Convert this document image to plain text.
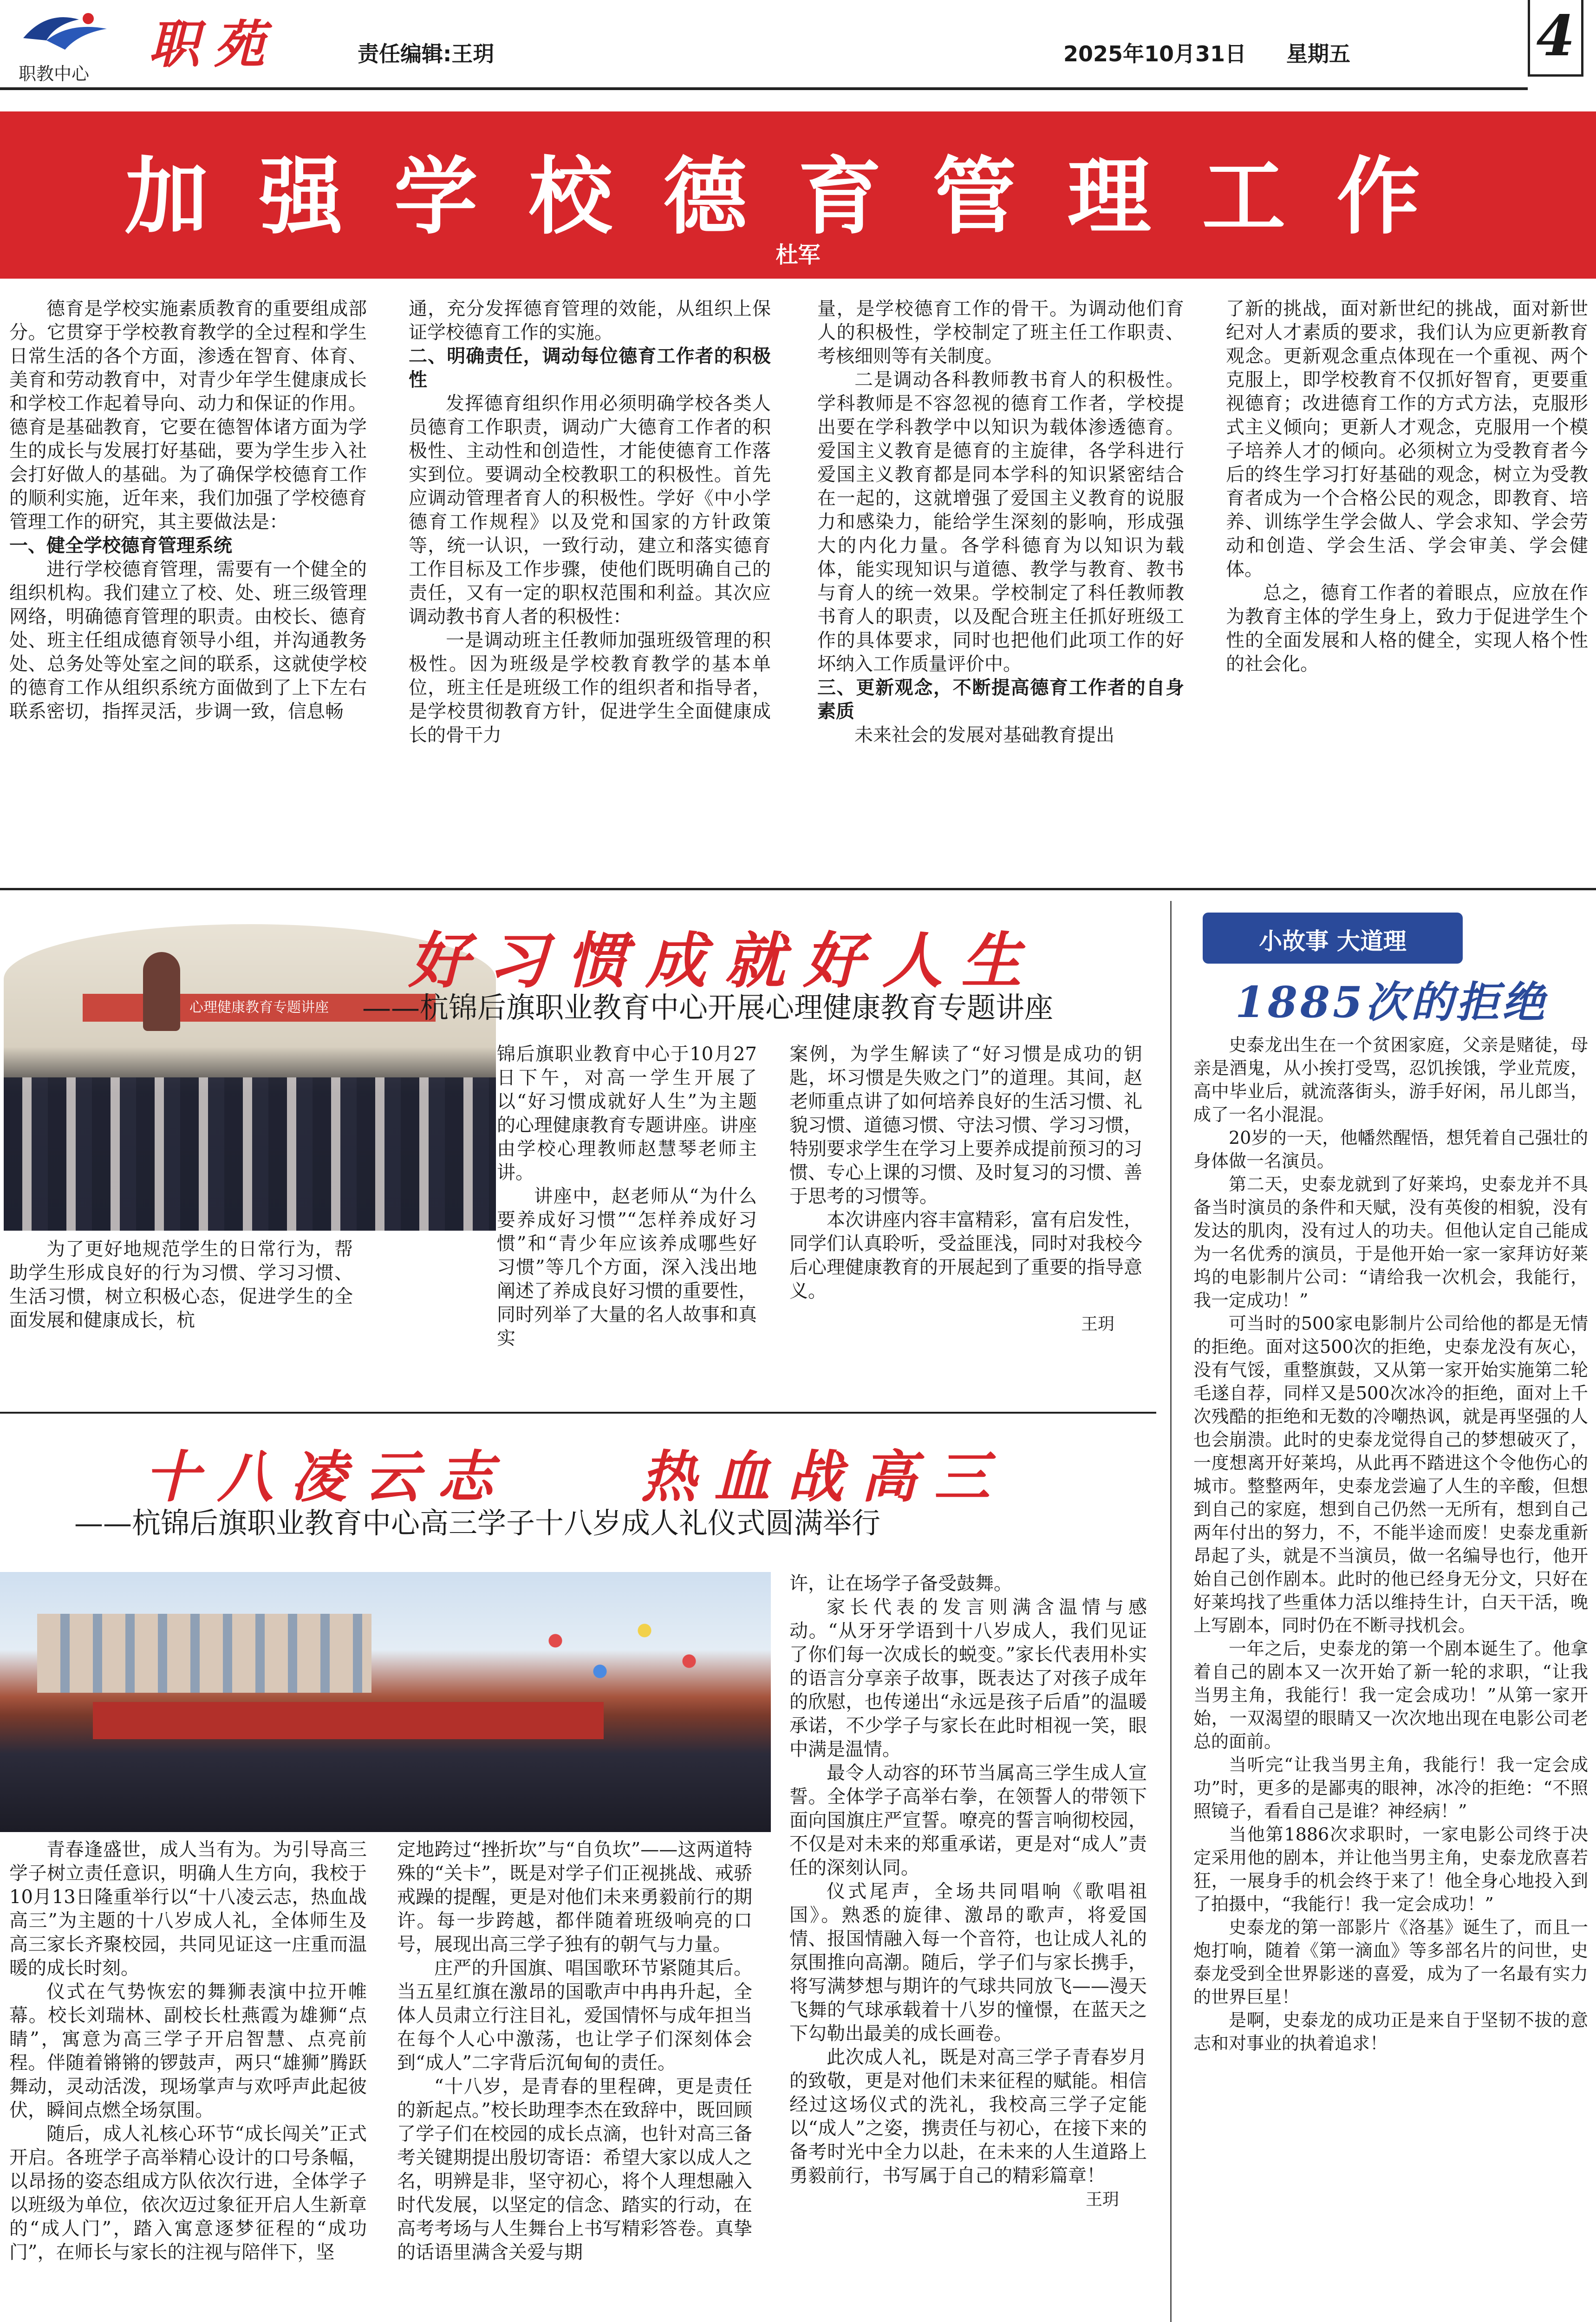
职教中心 职苑	责任编辑:王玥	2025年10月31日 星期五	4
加强学校德育管理工作
杜军

德育是学校实施素质教育的重要组成部分。它贯穿于学校教育教学的全过程和学生日常生活的各个方面，渗透在智育、体育、美育和劳动教育中，对青少年学生健康成长和学校工作起着导向、动力和保证的作用。德育是基础教育，它要在德智体诸方面为学生的成长与发展打好基础，要为学生步入社会打好做人的基础。为了确保学校德育工作的顺利实施，近年来，我们加强了学校德育管理工作的研究，其主要做法是：

一、健全学校德育管理系统

进行学校德育管理，需要有一个健全的组织机构。我们建立了校、处、班三级管理网络，明确德育管理的职责。由校长、德育处、班主任组成德育领导小组，并沟通教务处、总务处等处室之间的联系，这就使学校的德育工作从组织系统方面做到了上下左右联系密切，指挥灵活，步调一致，信息畅

通，充分发挥德育管理的效能，从组织上保证学校德育工作的实施。

二、明确责任，调动每位德育工作者的积极性

发挥德育组织作用必须明确学校各类人员德育工作职责，调动广大德育工作者的积极性、主动性和创造性，才能使德育工作落实到位。要调动全校教职工的积极性。首先应调动管理者育人的积极性。学好《中小学德育工作规程》以及党和国家的方针政策等，统一认识，一致行动，建立和落实德育工作目标及工作步骤，使他们既明确自己的责任，又有一定的职权范围和利益。其次应调动教书育人者的积极性：

一是调动班主任教师加强班级管理的积极性。因为班级是学校教育教学的基本单位，班主任是班级工作的组织者和指导者，是学校贯彻教育方针，促进学生全面健康成长的骨干力

量，是学校德育工作的骨干。为调动他们育人的积极性，学校制定了班主任工作职责、考核细则等有关制度。

二是调动各科教师教书育人的积极性。学科教师是不容忽视的德育工作者，学校提出要在学科教学中以知识为载体渗透德育。爱国主义教育是德育的主旋律，各学科进行爱国主义教育都是同本学科的知识紧密结合在一起的，这就增强了爱国主义教育的说服力和感染力，能给学生深刻的影响，形成强大的内化力量。各学科德育为以知识为载体，能实现知识与道德、教学与教育、教书与育人的统一效果。学校制定了科任教师教书育人的职责，以及配合班主任抓好班级工作的具体要求，同时也把他们此项工作的好坏纳入工作质量评价中。

三、更新观念，不断提高德育工作者的自身素质

未来社会的发展对基础教育提出

了新的挑战，面对新世纪的挑战，面对新世纪对人才素质的要求，我们认为应更新教育观念。更新观念重点体现在一个重视、两个克服上，即学校教育不仅抓好智育，更要重视德育；改进德育工作的方式方法，克服形式主义倾向；更新人才观念，克服用一个模子培养人才的倾向。必须树立为受教育者今后的终生学习打好基础的观念，树立为受教育者成为一个合格公民的观念，即教育、培养、训练学生学会做人、学会求知、学会劳动和创造、学会生活、学会审美、学会健体。

总之，德育工作者的着眼点，应放在作为教育主体的学生身上，致力于促进学生个性的全面发展和人格的健全，实现人格个性的社会化。

心理健康教育专题讲座
好习惯成就好人生
——杭锦后旗职业教育中心开展心理健康教育专题讲座

为了更好地规范学生的日常行为，帮助学生形成良好的行为习惯、学习习惯、生活习惯，树立积极心态，促进学生的全面发展和健康成长，杭

锦后旗职业教育中心于10月27日下午，对高一学生开展了以“好习惯成就好人生”为主题的心理健康教育专题讲座。讲座由学校心理教师赵慧琴老师主讲。

讲座中，赵老师从“为什么要养成好习惯”“怎样养成好习惯”和“青少年应该养成哪些好习惯”等几个方面，深入浅出地阐述了养成良好习惯的重要性，同时列举了大量的名人故事和真实

案例，为学生解读了“好习惯是成功的钥匙，坏习惯是失败之门”的道理。其间，赵老师重点讲了如何培养良好的生活习惯、礼貌习惯、道德习惯、守法习惯、学习习惯，特别要求学生在学习上要养成提前预习的习惯、专心上课的习惯、及时复习的习惯、善于思考的习惯等。

本次讲座内容丰富精彩，富有启发性，同学们认真聆听，受益匪浅，同时对我校今后心理健康教育的开展起到了重要的指导意义。

王玥

十八凌云志 热血战高三
——杭锦后旗职业教育中心高三学子十八岁成人礼仪式圆满举行

青春逢盛世，成人当有为。为引导高三学子树立责任意识，明确人生方向，我校于10月13日隆重举行以“十八凌云志，热血战高三”为主题的十八岁成人礼，全体师生及高三家长齐聚校园，共同见证这一庄重而温暖的成长时刻。

仪式在气势恢宏的舞狮表演中拉开帷幕。校长刘瑞林、副校长杜燕霞为雄狮“点睛”，寓意为高三学子开启智慧、点亮前程。伴随着锵锵的锣鼓声，两只“雄狮”腾跃舞动，灵动活泼，现场掌声与欢呼声此起彼伏，瞬间点燃全场氛围。

随后，成人礼核心环节“成长闯关”正式开启。各班学子高举精心设计的口号条幅，以昂扬的姿态组成方队依次行进，全体学子以班级为单位，依次迈过象征开启人生新章的“成人门”，踏入寓意逐梦征程的“成功门”，在师长与家长的注视与陪伴下，坚

定地跨过“挫折坎”与“自负坎”——这两道特殊的“关卡”，既是对学子们正视挑战、戒骄戒躁的提醒，更是对他们未来勇毅前行的期许。每一步跨越，都伴随着班级响亮的口号，展现出高三学子独有的朝气与力量。

庄严的升国旗、唱国歌环节紧随其后。当五星红旗在激昂的国歌声中冉冉升起，全体人员肃立行注目礼，爱国情怀与成年担当在每个人心中激荡，也让学子们深刻体会到“成人”二字背后沉甸甸的责任。

“十八岁，是青春的里程碑，更是责任的新起点。”校长助理李杰在致辞中，既回顾了学子们在校园的成长点滴，也针对高三备考关键期提出殷切寄语：希望大家以成人之名，明辨是非，坚守初心，将个人理想融入时代发展，以坚定的信念、踏实的行动，在高考考场与人生舞台上书写精彩答卷。真挚的话语里满含关爱与期

许，让在场学子备受鼓舞。

家长代表的发言则满含温情与感动。“从牙牙学语到十八岁成人，我们见证了你们每一次成长的蜕变。”家长代表用朴实的语言分享亲子故事，既表达了对孩子成年的欣慰，也传递出“永远是孩子后盾”的温暖承诺，不少学子与家长在此时相视一笑，眼中满是温情。

最令人动容的环节当属高三学生成人宣誓。全体学子高举右拳，在领誓人的带领下面向国旗庄严宣誓。嘹亮的誓言响彻校园，不仅是对未来的郑重承诺，更是对“成人”责任的深刻认同。

仪式尾声，全场共同唱响《歌唱祖国》。熟悉的旋律、激昂的歌声，将爱国情、报国情融入每一个音符，也让成人礼的氛围推向高潮。随后，学子们与家长携手，将写满梦想与期许的气球共同放飞——漫天飞舞的气球承载着十八岁的憧憬，在蓝天之下勾勒出最美的成长画卷。

此次成人礼，既是对高三学子青春岁月的致敬，更是对他们未来征程的赋能。相信经过这场仪式的洗礼，我校高三学子定能以“成人”之姿，携责任与初心，在接下来的备考时光中全力以赴，在未来的人生道路上勇毅前行，书写属于自己的精彩篇章！

王玥

小故事 大道理
1885次的拒绝

史泰龙出生在一个贫困家庭，父亲是赌徒，母亲是酒鬼，从小挨打受骂，忍饥挨饿，学业荒废，高中毕业后，就流落街头，游手好闲，吊儿郎当，成了一名小混混。

20岁的一天，他幡然醒悟，想凭着自己强壮的身体做一名演员。

第二天，史泰龙就到了好莱坞，史泰龙并不具备当时演员的条件和天赋，没有英俊的相貌，没有发达的肌肉，没有过人的功夫。但他认定自己能成为一名优秀的演员，于是他开始一家一家拜访好莱坞的电影制片公司：“请给我一次机会，我能行，我一定成功！”

可当时的500家电影制片公司给他的都是无情的拒绝。面对这500次的拒绝，史泰龙没有灰心，没有气馁，重整旗鼓，又从第一家开始实施第二轮毛遂自荐，同样又是500次冰冷的拒绝，面对上千次残酷的拒绝和无数的冷嘲热讽，就是再坚强的人也会崩溃。此时的史泰龙觉得自己的梦想破灭了，一度想离开好莱坞，从此再不踏进这个令他伤心的城市。整整两年，史泰龙尝遍了人生的辛酸，但想到自己的家庭，想到自己仍然一无所有，想到自己两年付出的努力，不，不能半途而废！史泰龙重新昂起了头，就是不当演员，做一名编导也行，他开始自己创作剧本。此时的他已经身无分文，只好在好莱坞找了些重体力活以维持生计，白天干活，晚上写剧本，同时仍在不断寻找机会。

一年之后，史泰龙的第一个剧本诞生了。他拿着自己的剧本又一次开始了新一轮的求职，“让我当男主角，我能行！我一定会成功！”从第一家开始，一双渴望的眼睛又一次次地出现在电影公司老总的面前。

当听完“让我当男主角，我能行！我一定会成功”时，更多的是鄙夷的眼神，冰冷的拒绝：“不照照镜子，看看自己是谁？神经病！”

当他第1886次求职时，一家电影公司终于决定采用他的剧本，并让他当男主角，史泰龙欣喜若狂，一展身手的机会终于来了！他全身心地投入到了拍摄中，“我能行！我一定会成功！”

史泰龙的第一部影片《洛基》诞生了，而且一炮打响，随着《第一滴血》等多部名片的问世，史泰龙受到全世界影迷的喜爱，成为了一名最有实力的世界巨星！

是啊，史泰龙的成功正是来自于坚韧不拔的意志和对事业的执着追求！
